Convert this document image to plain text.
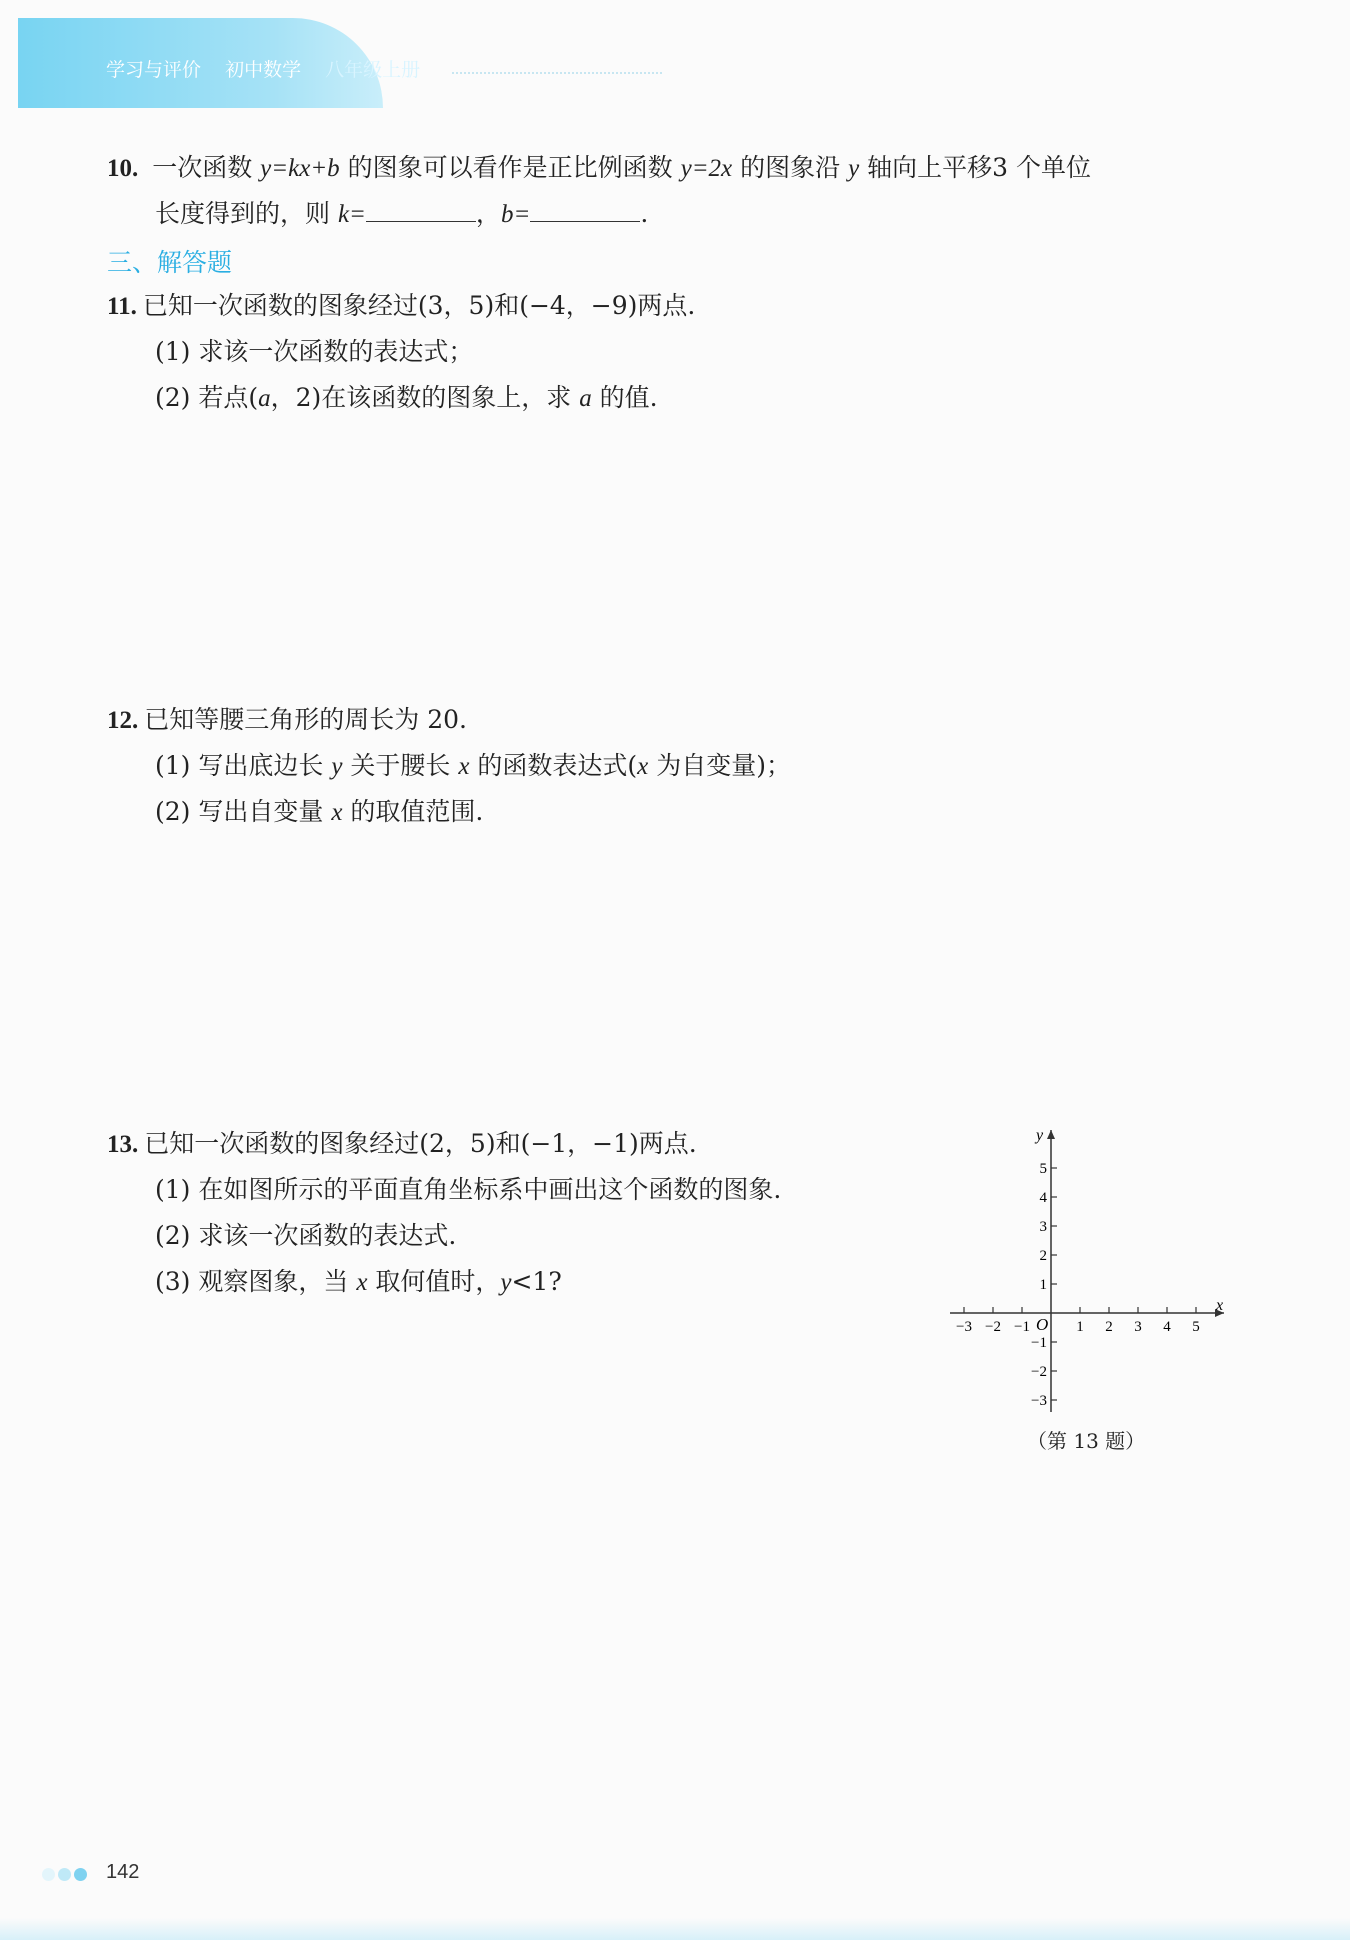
学习与评价 初中数学 八年级上册
10. 一次函数 y=kx+b 的图象可以看作是正比例函数 y=2x 的图象沿 y 轴向上平移3 个单位
长度得到的，则 k=	，b=	.
三、解答题
11. 已知一次函数的图象经过(3，5)和(−4，−9)两点.
(1) 求该一次函数的表达式；
(2) 若点(a，2)在该函数的图象上，求 a 的值.
12. 已知等腰三角形的周长为 20.
(1) 写出底边长 y 关于腰长 x 的函数表达式(x 为自变量)；
(2) 写出自变量 x 的取值范围.
13. 已知一次函数的图象经过(2，5)和(−1，−1)两点.
(1) 在如图所示的平面直角坐标系中画出这个函数的图象.
(2) 求该一次函数的表达式.
(3) 观察图象，当 x 取何值时，y<1?
x
y
O
−3 −2 −1	1 2 3 4 5
5
4
3
2
1
−1
−2
−3
（第 13 题）
142
